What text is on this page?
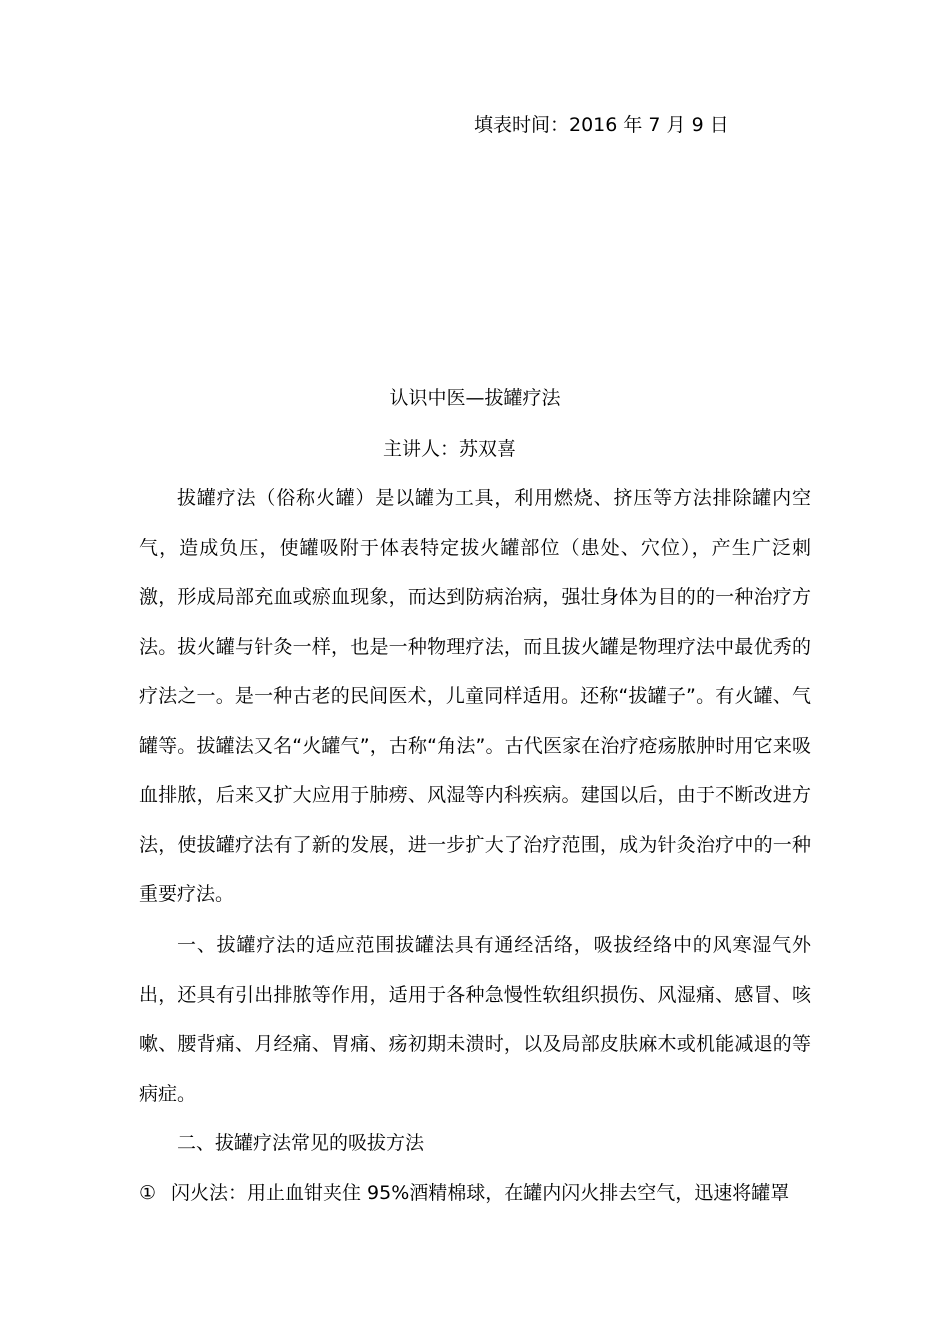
填表时间：2016 年 7 月 9 日
认识中医—拔罐疗法
主讲人：苏双喜

拔罐疗法（俗称火罐）是以罐为工具，利用燃烧、挤压等方法排除罐内空气，造成负压，使罐吸附于体表特定拔火罐部位（患处、穴位），产生广泛刺激，形成局部充血或瘀血现象，而达到防病治病，强壮身体为目的的一种治疗方法。拔火罐与针灸一样，也是一种物理疗法，而且拔火罐是物理疗法中最优秀的疗法之一。是一种古老的民间医术，儿童同样适用。还称“拔罐子”。有火罐、气罐等。拔罐法又名“火罐气”，古称“角法”。古代医家在治疗疮疡脓肿时用它来吸血排脓，后来又扩大应用于肺痨、风湿等内科疾病。建国以后，由于不断改进方法，使拔罐疗法有了新的发展，进一步扩大了治疗范围，成为针灸治疗中的一种重要疗法。

一、拔罐疗法的适应范围拔罐法具有通经活络，吸拔经络中的风寒湿气外出，还具有引出排脓等作用，适用于各种急慢性软组织损伤、风湿痛、感冒、咳嗽、腰背痛、月经痛、胃痛、疡初期未溃时，以及局部皮肤麻木或机能减退的等病症。

二、拔罐疗法常见的吸拔方法

① 闪火法：用止血钳夹住 95%酒精棉球，在罐内闪火排去空气，迅速将罐罩
